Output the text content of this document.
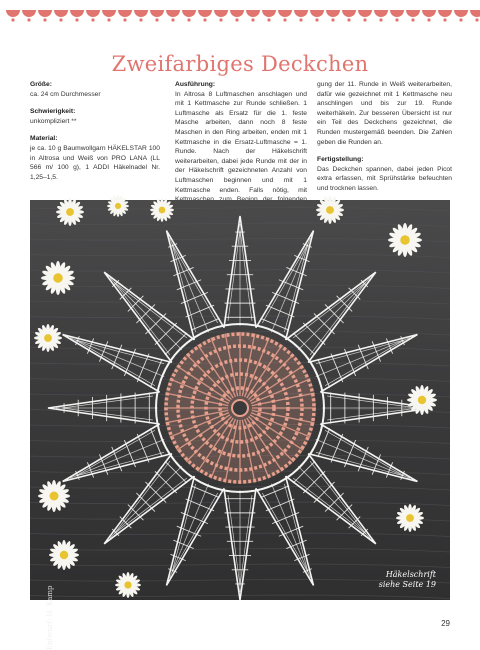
Zweifarbiges Deckchen
Größe:

ca. 24 cm Durchmesser

Schwierigkeit:

unkompliziert **

Material:

je ca. 10 g Baumwollgarn HÄKELSTAR 100 in Altrosa und Weiß von PRO LANA (LL 566 m/ 100 g), 1 ADDI Häkelnadel Nr. 1,25–1,5.

Ausführung:

In Altrosa 8 Luftmaschen anschlagen und mit 1 Kettmasche zur Runde schließen. 1 Luftmasche als Ersatz für die 1. feste Masche arbeiten, dann noch 8 feste Maschen in den Ring arbeiten, enden mit 1 Kettmasche in die Ersatz-Luftmasche = 1. Runde. Nach der Häkelschrift weiterarbeiten, dabei jede Runde mit der in der Häkelschrift gezeichneten Anzahl von Luftmaschen beginnen und mit 1 Kettmasche enden. Falls nötig, mit

gung der 11. Runde in Weiß weiterarbeiten, dafür wie gezeichnet mit 1 Kettmasche neu anschlingen und bis zur 19. Runde weiterhäkeln. Zur besseren Übersicht ist nur ein Teil des Deckchens gezeichnet, die Runden mustergemäß beenden. Die Zahlen geben die Runden an.

Fertigstellung:

Das Deckchen spannen, dabei jeden Picot extra erfassen, mit Sprühstärke befeuchten und trocknen lassen.

Entwurf: H. Kamp
Häkelschrift
siehe Seite 19
29
